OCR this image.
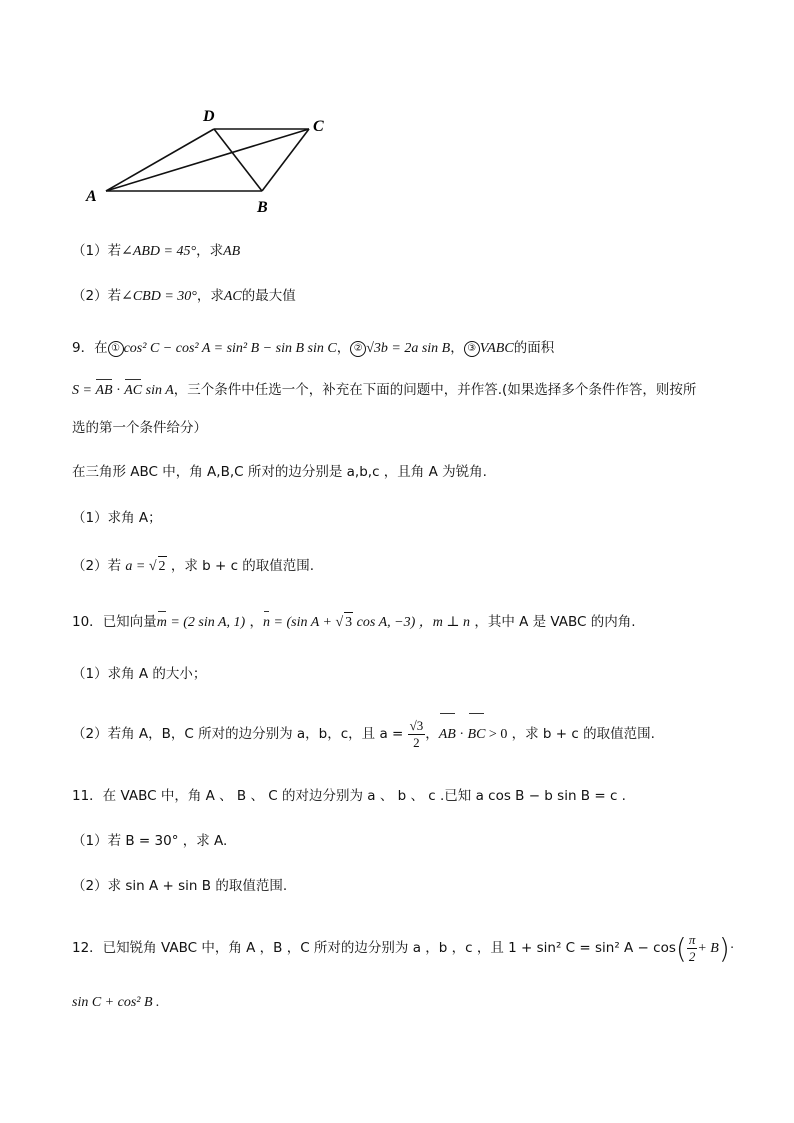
A
B
C
D
（1）若∠ABD = 45°，求AB
（2）若∠CBD = 30°，求AC的最大值
9．在 ① cos² C − cos² A = sin² B − sin B sin C， ② √3b = 2a sin B， ③ VABC的面积
S = AB · AC sin A，三个条件中任选一个，补充在下面的问题中，并作答.(如果选择多个条件作答，则按所
选的第一个条件给分）
在三角形 ABC 中，角 A,B,C 所对的边分别是 a,b,c ，且角 A 为锐角.
（1）求角 A；
（2）若 a = √ 2 ，求 b + c 的取值范围.
10．已知向量m = (2 sin A, 1) ，n = (sin A + √ 3 cos A, −3) ，m ⊥ n ，其中 A 是 VABC 的内角.
（1）求角 A 的大小；
（2）若角 A，B，C 所对的边分别为 a，b，c，且 $a = \frac{√3}{2}$ ，AB · BC > 0 ，求 b + c 的取值范围.
11．在 VABC 中，角 A 、 B 、 C 的对边分别为 a 、 b 、 c .已知 a cos B − b sin B = c .
（1）若 B = 30° ，求 A.
（2）求 sin A + sin B 的取值范围.
12．已知锐角 VABC 中，角 A ，B ，C 所对的边分别为 a ，b ，c ，且 1 + sin² C = sin² $A - \cos( \frac{\pi}{2} + B)\cdot$
sin C + cos² B .
